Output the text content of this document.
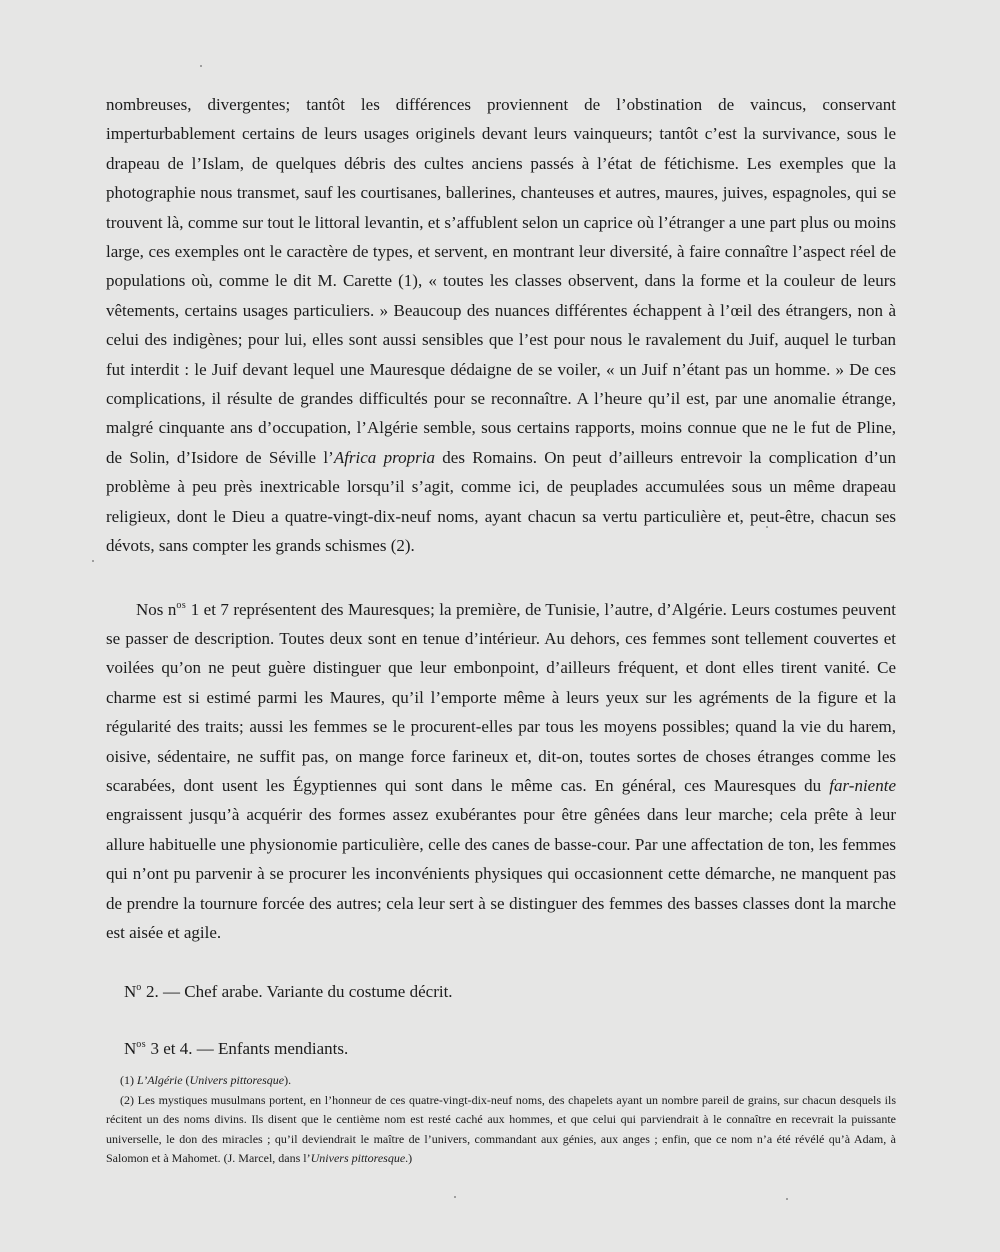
nombreuses, divergentes; tantôt les différences proviennent de l’obstination de vaincus, conservant imperturbablement certains de leurs usages originels devant leurs vainqueurs; tantôt c’est la survivance, sous le drapeau de l’Islam, de quelques débris des cultes anciens passés à l’état de fétichisme. Les exemples que la photographie nous transmet, sauf les courtisanes, ballerines, chanteuses et autres, maures, juives, espagnoles, qui se trouvent là, comme sur tout le littoral levantin, et s’affublent selon un caprice où l’étranger a une part plus ou moins large, ces exemples ont le caractère de types, et servent, en montrant leur diversité, à faire connaître l’aspect réel de populations où, comme le dit M. Carette (1), « toutes les classes observent, dans la forme et la couleur de leurs vêtements, certains usages particuliers. » Beaucoup des nuances différentes échappent à l’œil des étrangers, non à celui des indigènes; pour lui, elles sont aussi sensibles que l’est pour nous le ravalement du Juif, auquel le turban fut interdit : le Juif devant lequel une Mauresque dédaigne de se voiler, « un Juif n’étant pas un homme. » De ces complications, il résulte de grandes difficultés pour se reconnaître. A l’heure qu’il est, par une anomalie étrange, malgré cinquante ans d’occupation, l’Algérie semble, sous certains rapports, moins connue que ne le fut de Pline, de Solin, d’Isidore de Séville l’Africa propria des Romains. On peut d’ailleurs entrevoir la complication d’un problème à peu près inextricable lorsqu’il s’agit, comme ici, de peuplades accumulées sous un même drapeau religieux, dont le Dieu a quatre-vingt-dix-neuf noms, ayant chacun sa vertu particulière et, peut-être, chacun ses dévots, sans compter les grands schismes (2).

Nos $n^{os}$ 1 et 7 représentent des Mauresques; la première, de Tunisie, l’autre, d’Algérie. Leurs costumes peuvent se passer de description. Toutes deux sont en tenue d’intérieur. Au dehors, ces femmes sont tellement couvertes et voilées qu’on ne peut guère distinguer que leur embonpoint, d’ailleurs fréquent, et dont elles tirent vanité. Ce charme est si estimé parmi les Maures, qu’il l’emporte même à leurs yeux sur les agréments de la figure et la régularité des traits; aussi les femmes se le procurent-elles par tous les moyens possibles; quand la vie du harem, oisive, sédentaire, ne suffit pas, on mange force farineux et, dit-on, toutes sortes de choses étranges comme les scarabées, dont usent les Égyptiennes qui sont dans le même cas. En général, ces Mauresques du far-niente engraissent jusqu’à acquérir des formes assez exubérantes pour être gênées dans leur marche; cela prête à leur allure habituelle une physionomie particulière, celle des canes de basse-cour. Par une affectation de ton, les femmes qui n’ont pu parvenir à se procurer les inconvénients physiques qui occasionnent cette démarche, ne manquent pas de prendre la tournure forcée des autres; cela leur sert à se distinguer des femmes des basses classes dont la marche est aisée et agile.

$N^o$ 2. — Chef arabe. Variante du costume décrit.

$N^{os}$ 3 et 4. — Enfants mendiants.

(1) L’Algérie (Univers pittoresque).

(2) Les mystiques musulmans portent, en l’honneur de ces quatre-vingt-dix-neuf noms, des chapelets ayant un nombre pareil de grains, sur chacun desquels ils récitent un des noms divins. Ils disent que le centième nom est resté caché aux hommes, et que celui qui parviendrait à le connaître en recevrait la puissante universelle, le don des miracles ; qu’il deviendrait le maître de l’univers, commandant aux génies, aux anges ; enfin, que ce nom n’a été révélé qu’à Adam, à Salomon et à Mahomet. (J. Marcel, dans l’Univers pittoresque.)
